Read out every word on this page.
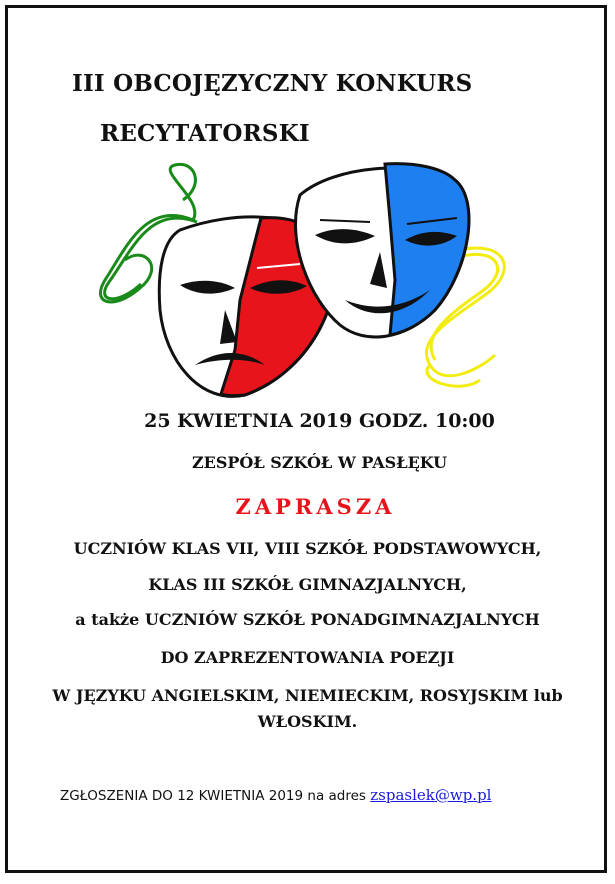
III OBCOJĘZYCZNY KONKURS
RECYTATORSKI

25 KWIETNIA 2019 GODZ. 10:00

ZESPÓŁ SZKÓŁ W PASŁĘKU

ZAPRASZA

UCZNIÓW KLAS VII, VIII SZKÓŁ PODSTAWOWYCH,

KLAS III SZKÓŁ GIMNAZJALNYCH,

a także UCZNIÓW SZKÓŁ PONADGIMNAZJALNYCH

DO ZAPREZENTOWANIA POEZJI

W JĘZYKU ANGIELSKIM, NIEMIECKIM, ROSYJSKIM lub

WŁOSKIM.

ZGŁOSZENIA DO 12 KWIETNIA 2019 na adres zspaslek@wp.pl
